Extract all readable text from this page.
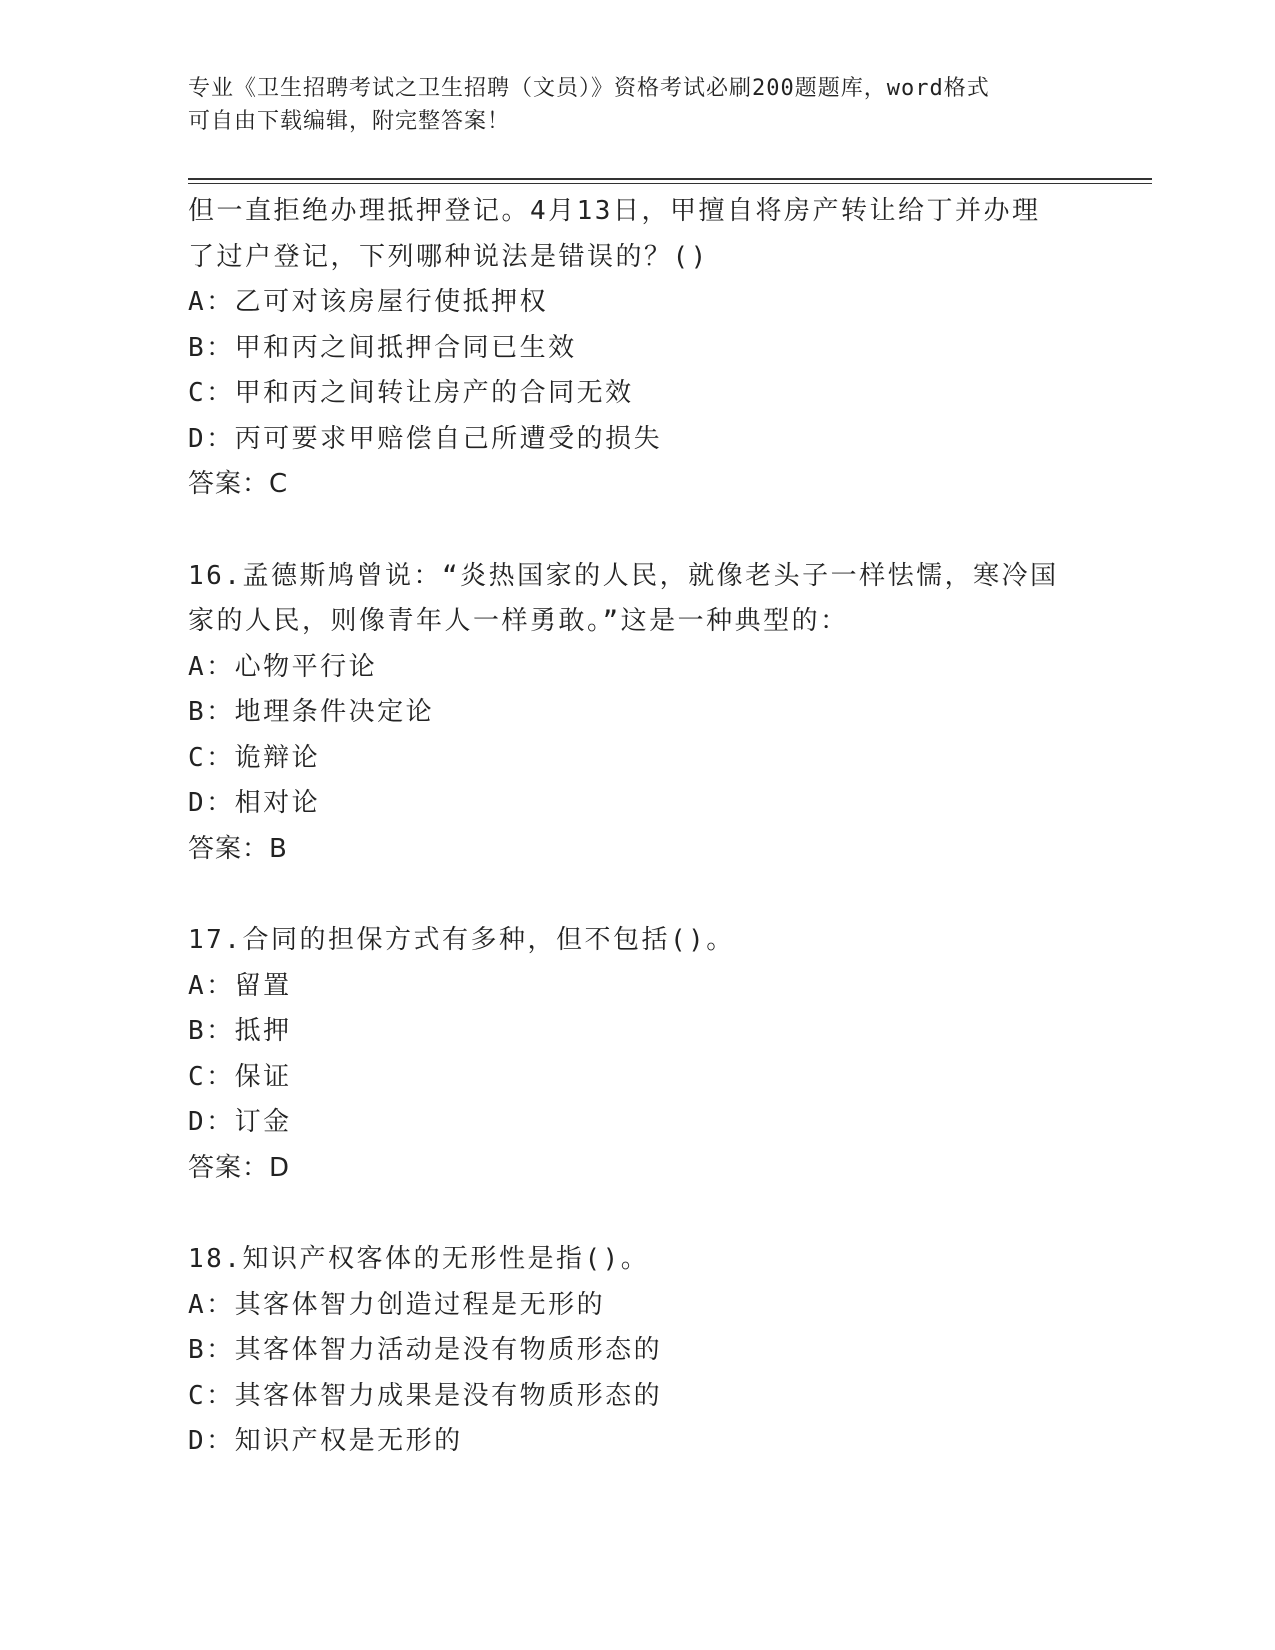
专业《卫生招聘考试之卫生招聘（文员）》资格考试必刷200题题库，word格式
可自由下载编辑，附完整答案！
但一直拒绝办理抵押登记。4月13日，甲擅自将房产转让给丁并办理
了过户登记，下列哪种说法是错误的？()
A：乙可对该房屋行使抵押权
B：甲和丙之间抵押合同已生效
C：甲和丙之间转让房产的合同无效
D：丙可要求甲赔偿自己所遭受的损失
答案：C
16.孟德斯鸠曾说：“炎热国家的人民，就像老头子一样怯懦，寒冷国
家的人民，则像青年人一样勇敢。”这是一种典型的：
A：心物平行论
B：地理条件决定论
C：诡辩论
D：相对论
答案：B
17.合同的担保方式有多种，但不包括()。
A：留置
B：抵押
C：保证
D：订金
答案：D
18.知识产权客体的无形性是指()。
A：其客体智力创造过程是无形的
B：其客体智力活动是没有物质形态的
C：其客体智力成果是没有物质形态的
D：知识产权是无形的
